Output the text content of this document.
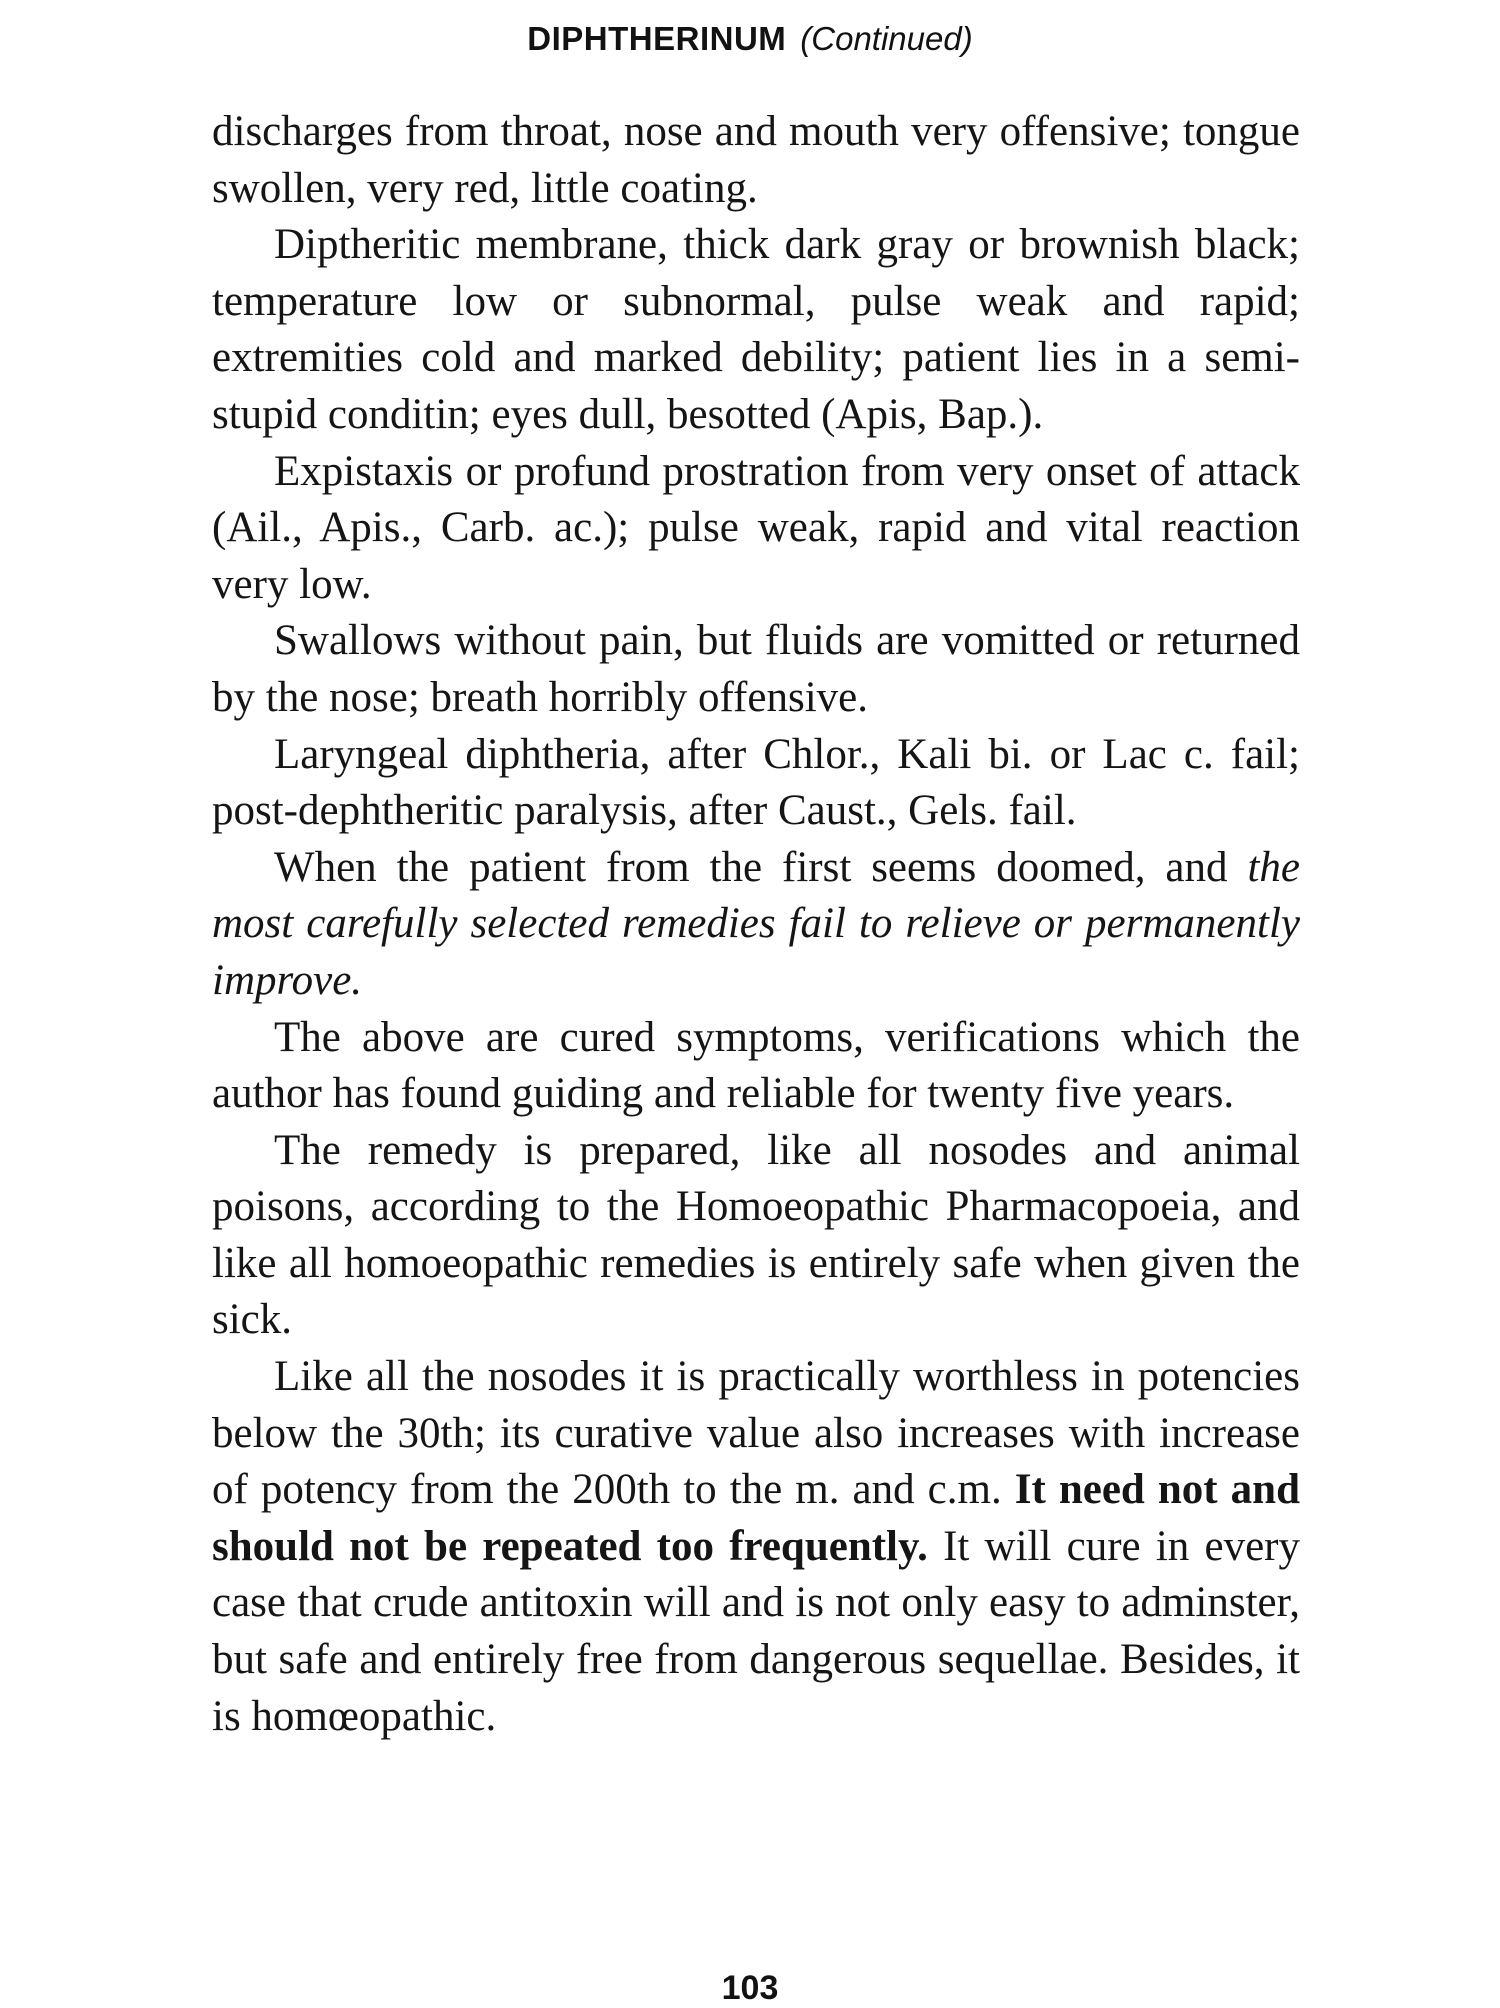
DIPHTHERINUM (Continued)

discharges from throat, nose and mouth very offensive; tongue swollen, very red, little coating.

Diptheritic membrane, thick dark gray or brownish black; temperature low or subnormal, pulse weak and rapid; extremities cold and marked debility; patient lies in a semi-stupid conditin; eyes dull, besotted (Apis, Bap.).

Expistaxis or profund prostration from very onset of attack (Ail., Apis., Carb. ac.); pulse weak, rapid and vital reaction very low.

Swallows without pain, but fluids are vomitted or returned by the nose; breath horribly offensive.

Laryngeal diphtheria, after Chlor., Kali bi. or Lac c. fail; post-dephtheritic paralysis, after Caust., Gels. fail.

When the patient from the first seems doomed, and the most carefully selected remedies fail to relieve or permanently improve.

The above are cured symptoms, verifications which the author has found guiding and reliable for twenty five years.

The remedy is prepared, like all nosodes and animal poisons, according to the Homoeopathic Pharmacopoeia, and like all homoeopathic remedies is entirely safe when given the sick.

Like all the nosodes it is practically worthless in potencies below the 30th; its curative value also increases with increase of potency from the 200th to the m. and c.m. It need not and should not be repeated too frequently. It will cure in every case that crude antitoxin will and is not only easy to adminster, but safe and entirely free from dangerous sequellae. Besides, it is homœopathic.

103
